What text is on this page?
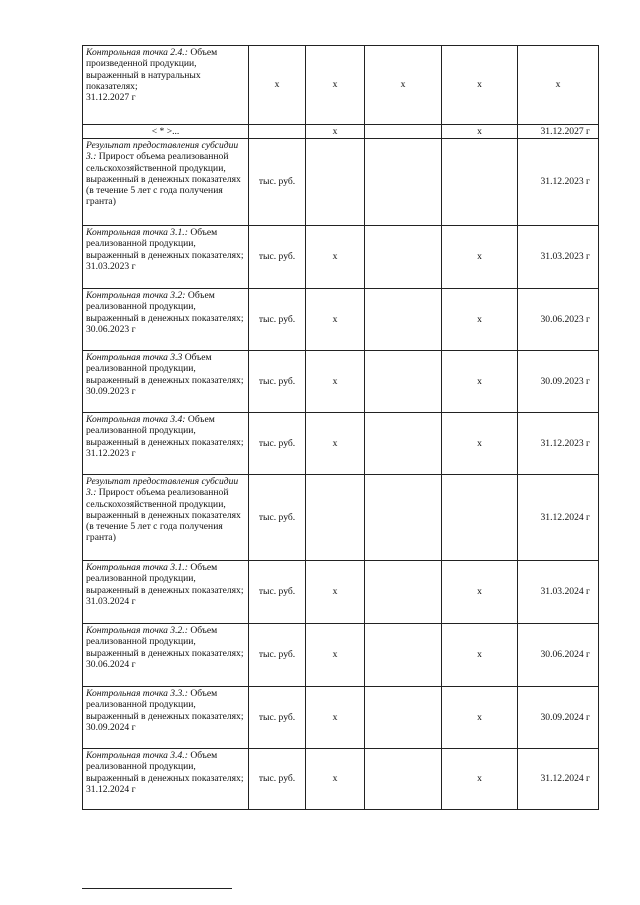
Контрольная точка 2.4.: Объем произведенной продукции, выраженный в натуральных показателях;
31.12.2027 г	x	x	x	x	x
< * >...		x		x	31.12.2027 г
Результат предоставления субсидии 3.: Прирост объема реализованной сельскохозяйственной продукции, выраженный в денежных показателях (в течение 5 лет с года получения гранта)	тыс. руб.				31.12.2023 г
Контрольная точка 3.1.: Объем реализованной продукции, выраженный в денежных показателях;
31.03.2023 г	тыс. руб.	x		x	31.03.2023 г
Контрольная точка 3.2: Объем реализованной продукции, выраженный в денежных показателях;
30.06.2023 г	тыс. руб.	x		x	30.06.2023 г
Контрольная точка 3.3 Объем реализованной продукции, выраженный в денежных показателях;
30.09.2023 г	тыс. руб.	x		x	30.09.2023 г
Контрольная точка 3.4: Объем реализованной продукции, выраженный в денежных показателях;
31.12.2023 г	тыс. руб.	x		x	31.12.2023 г
Результат предоставления субсидии 3.: Прирост объема реализованной сельскохозяйственной продукции, выраженный в денежных показателях (в течение 5 лет с года получения гранта)	тыс. руб.				31.12.2024 г
Контрольная точка 3.1.: Объем реализованной продукции, выраженный в денежных показателях;
31.03.2024 г	тыс. руб.	x		x	31.03.2024 г
Контрольная точка 3.2.: Объем реализованной продукции, выраженный в денежных показателях;
30.06.2024 г	тыс. руб.	x		x	30.06.2024 г
Контрольная точка 3.3.: Объем реализованной продукции, выраженный в денежных показателях;
30.09.2024 г	тыс. руб.	x		x	30.09.2024 г
Контрольная точка 3.4.: Объем реализованной продукции, выраженный в денежных показателях;
31.12.2024 г	тыс. руб.	x		x	31.12.2024 г
